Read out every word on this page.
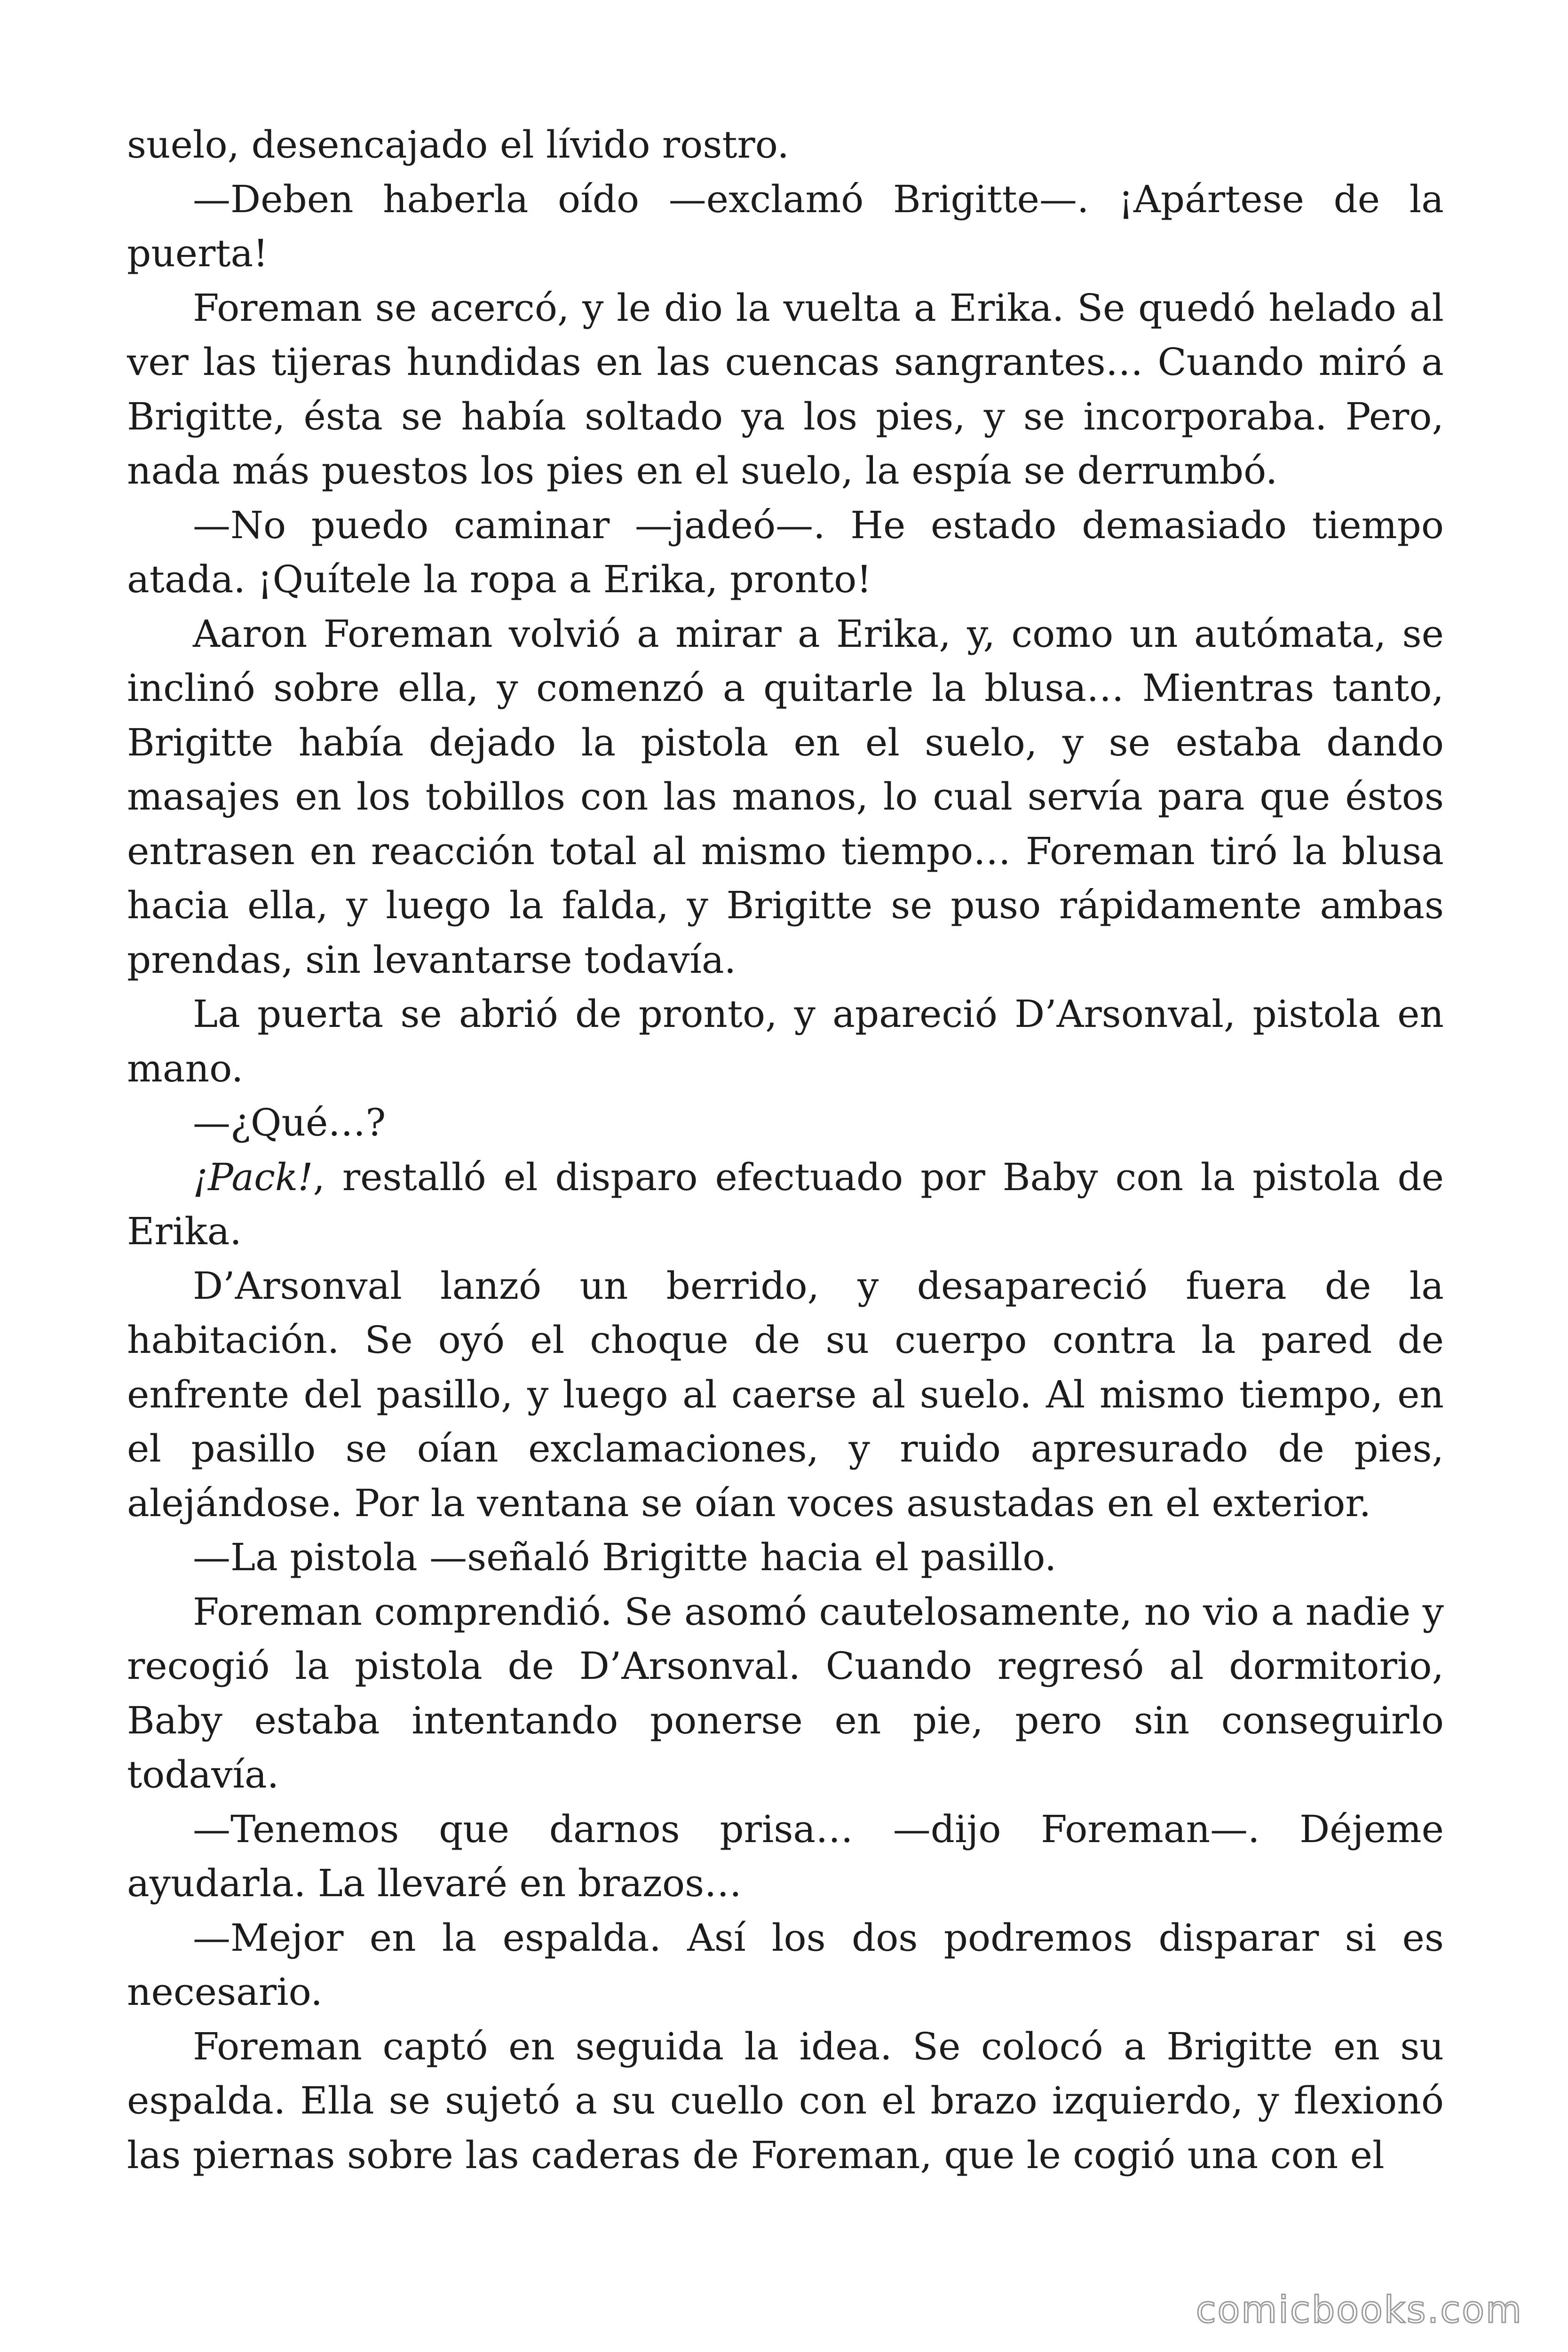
suelo, desencajado el lívido rostro.

—Deben haberla oído —exclamó Brigitte—. ¡Apártese de la puerta!

Foreman se acercó, y le dio la vuelta a Erika. Se quedó helado al ver las tijeras hundidas en las cuencas sangrantes… Cuando miró a Brigitte, ésta se había soltado ya los pies, y se incorporaba. Pero, nada más puestos los pies en el suelo, la espía se derrumbó.

—No puedo caminar —jadeó—. He estado demasiado tiempo atada. ¡Quítele la ropa a Erika, pronto!

Aaron Foreman volvió a mirar a Erika, y, como un autómata, se inclinó sobre ella, y comenzó a quitarle la blusa… Mientras tanto, Brigitte había dejado la pistola en el suelo, y se estaba dando masajes en los tobillos con las manos, lo cual servía para que éstos entrasen en reacción total al mismo tiempo… Foreman tiró la blusa hacia ella, y luego la falda, y Brigitte se puso rápidamente ambas prendas, sin levantarse todavía.

La puerta se abrió de pronto, y apareció D’Arsonval, pistola en mano.

—¿Qué…?

¡Pack!, restalló el disparo efectuado por Baby con la pistola de Erika.

D’Arsonval lanzó un berrido, y desapareció fuera de la habitación. Se oyó el choque de su cuerpo contra la pared de enfrente del pasillo, y luego al caerse al suelo. Al mismo tiempo, en el pasillo se oían exclamaciones, y ruido apresurado de pies, alejándose. Por la ventana se oían voces asustadas en el exterior.

—La pistola —señaló Brigitte hacia el pasillo.

Foreman comprendió. Se asomó cautelosamente, no vio a nadie y recogió la pistola de D’Arsonval. Cuando regresó al dormitorio, Baby estaba intentando ponerse en pie, pero sin conseguirlo todavía.

—Tenemos que darnos prisa… —dijo Foreman—. Déjeme ayudarla. La llevaré en brazos…

—Mejor en la espalda. Así los dos podremos disparar si es necesario.

Foreman captó en seguida la idea. Se colocó a Brigitte en su espalda. Ella se sujetó a su cuello con el brazo izquierdo, y flexionó las piernas sobre las caderas de Foreman, que le cogió una con el

comicbooks.com
